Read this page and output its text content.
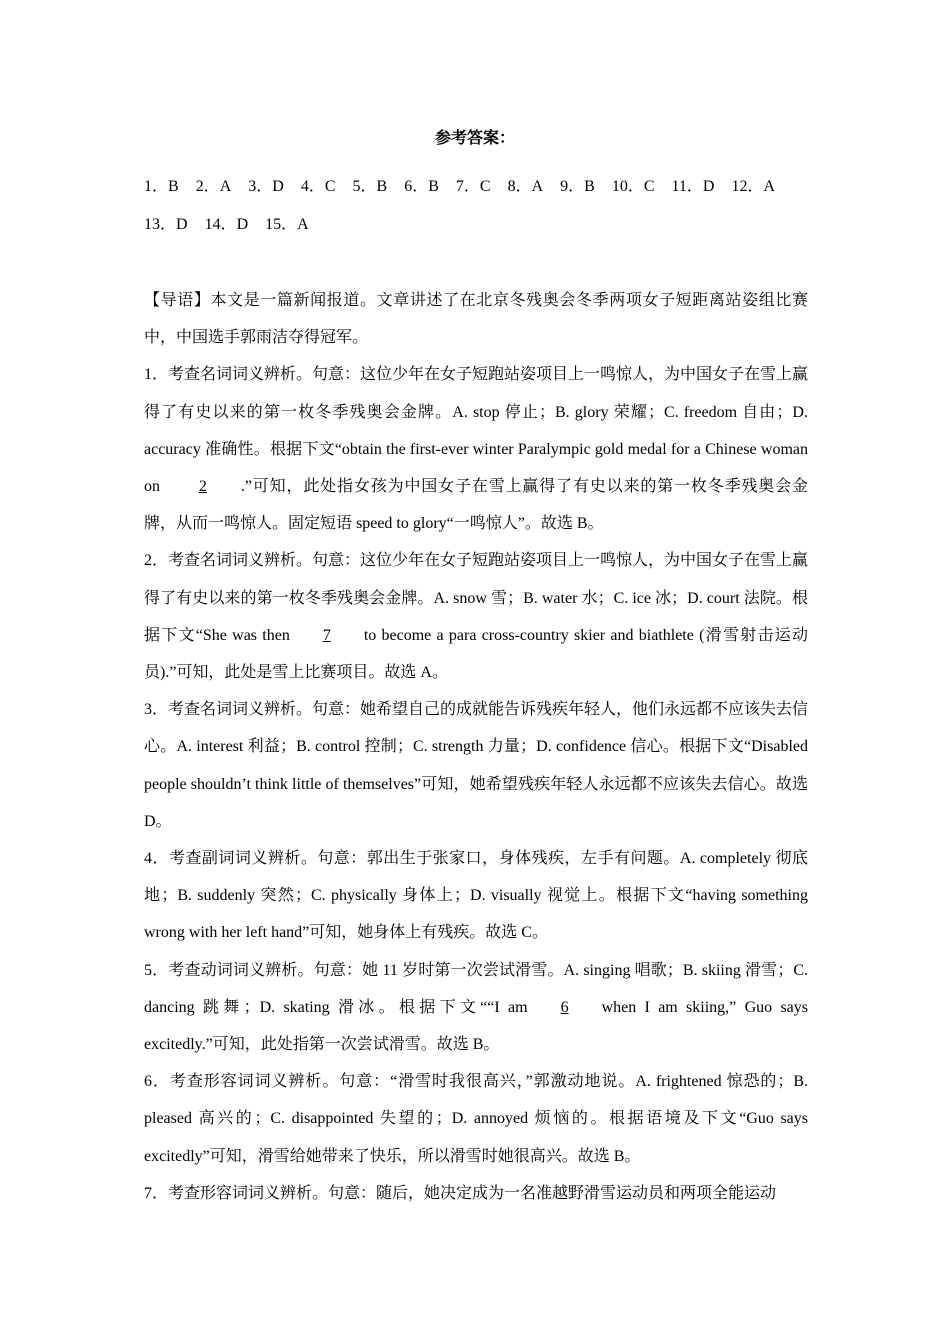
参考答案：
1．B 2．A 3．D 4．C 5．B 6．B 7．C 8．A 9．B 10．C 11．D 12．A
13．D 14．D 15．A

【导语】本文是一篇新闻报道。文章讲述了在北京冬残奥会冬季两项女子短距离站姿组比赛中，中国选手郭雨洁夺得冠军。

1．考查名词词义辨析。句意：这位少年在女子短跑站姿项目上一鸣惊人，为中国女子在雪上赢得了有史以来的第一枚冬季残奥会金牌。A. stop 停止；B. glory 荣耀；C. freedom 自由；D. accuracy 准确性。根据下文“obtain the first-ever winter Paralympic gold medal for a Chinese woman on 2 .”可知，此处指女孩为中国女子在雪上赢得了有史以来的第一枚冬季残奥会金牌，从而一鸣惊人。固定短语 speed to glory“一鸣惊人”。故选 B。

2．考查名词词义辨析。句意：这位少年在女子短跑站姿项目上一鸣惊人，为中国女子在雪上赢得了有史以来的第一枚冬季残奥会金牌。A. snow 雪；B. water 水；C. ice 冰；D. court 法院。根据下文“She was then 7 to become a para cross-country skier and biathlete (滑雪射击运动员).”可知，此处是雪上比赛项目。故选 A。

3．考查名词词义辨析。句意：她希望自己的成就能告诉残疾年轻人，他们永远都不应该失去信心。A. interest 利益；B. control 控制；C. strength 力量；D. confidence 信心。根据下文“Disabled people shouldn’t think little of themselves”可知，她希望残疾年轻人永远都不应该失去信心。故选 D。

4．考查副词词义辨析。句意：郭出生于张家口，身体残疾，左手有问题。A. completely 彻底地；B. suddenly 突然；C. physically 身体上；D. visually 视觉上。根据下文“having something wrong with her left hand”可知，她身体上有残疾。故选 C。

5．考查动词词义辨析。句意：她 11 岁时第一次尝试滑雪。A. singing 唱歌；B. skiing 滑雪；C. dancing 跳舞；D. skating 滑冰。根据下文““I am 6 when I am skiing,” Guo says excitedly.”可知，此处指第一次尝试滑雪。故选 B。

6．考查形容词词义辨析。句意：“滑雪时我很高兴，”郭激动地说。A. frightened 惊恐的；B. pleased 高兴的；C. disappointed 失望的；D. annoyed 烦恼的。根据语境及下文“Guo says excitedly”可知，滑雪给她带来了快乐，所以滑雪时她很高兴。故选 B。

7．考查形容词词义辨析。句意：随后，她决定成为一名准越野滑雪运动员和两项全能运动
